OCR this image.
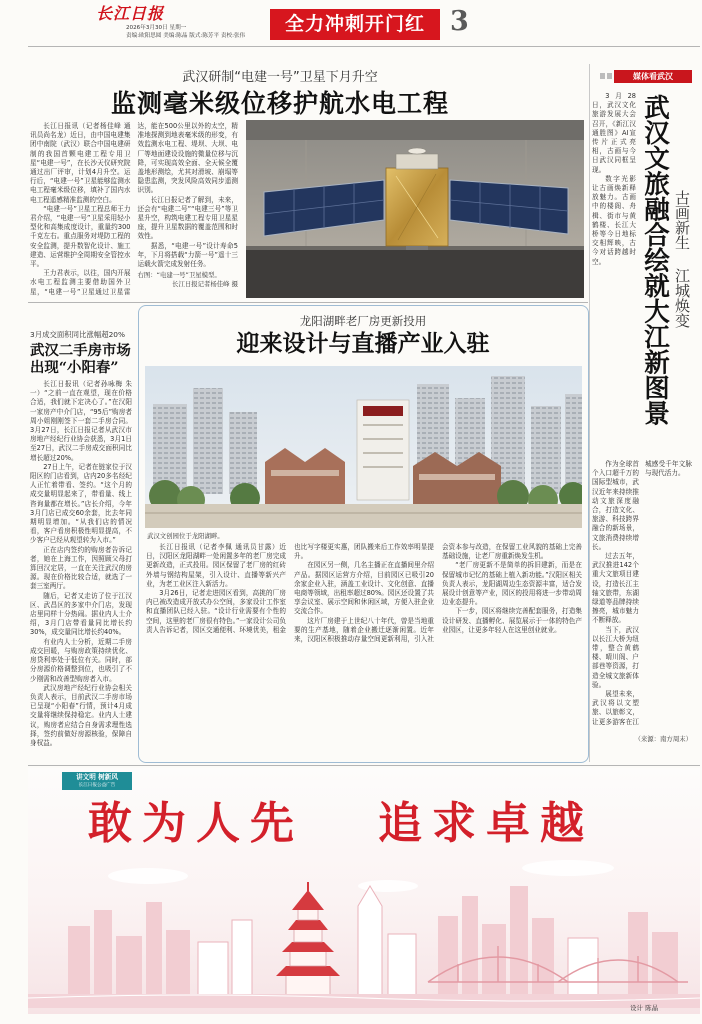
长江日报
2026年3月30日 星期一
责编:欧阳思圆 美编:陈晶 版式:陈芳平 责校:张伟
全力冲刺开门红 3
武汉研制“电建一号”卫星下月升空
监测毫米级位移护航水电工程

长江日报讯（记者杨佳峰 通讯员尚名龙）近日，由中国电建集团中南院（武汉）联合中国电建研制的我国首颗电建工程专用卫星“电建一号”，在长沙天仪研究院通过出厂评审，计划4月升空。运行后，“电建一号”卫星能够监测水电工程毫米级位移，填补了国内水电工程遥感精准监测的空白。

“电建一号”卫星工程总师王力君介绍，“电建一号”卫星采用轻小型化和高集成度设计，重量约300千克左右。重点服务对堤防工程的安全监测，提升数智化设计、施工建造、运营维护全周期安全管控水平。

王力君表示，以往，国内开展水电工程监测主要借助国外卫星，“电建一号”卫星通过卫星雷达，能在500公里以外的太空，精准地探测到地表毫米级的形变，有效监测水电工程、堤坝、大坝、电厂等地面建设设施的微量位移与沉降，可实现高效全面、全天候全覆盖地形测绘，尤其对滑坡、崩塌等隐患监测，突发风险高效同步遥测识别。

长江日报记者了解到，未来，还会有“电建二号”“电建三号”等卫星升空，构筑电建工程专用卫星星座，提升卫星数据的覆盖范围和时效性。

据悉，“电建一号”设计寿命5年，下月将搭载“力箭一号”遥十三运载火箭完成发射任务。

右图：“电建一号”卫星模型。
长江日报记者杨佳峰 摄
3月成交面积同比涨幅超20%
武汉二手房市场
出现“小阳春”

长江日报讯（记者孙咏梅 朱一）“之前一直在观望，现在价格合适，我们就下定决心了。”在汉阳一家房产中介门店，“95后”购房者周小姐刚刚签下一套二手房合同。3月27日，长江日报记者从武汉市房地产经纪行业协会获悉，3月1日至27日，武汉二手房成交面积同比增长超过20%。

27日上午，记者在链家位于汉阳区的门店看到，店内20多名经纪人正忙着带看、签约。“这个月的成交量明显起来了，带看量、线上咨询量都在增长。”店长介绍，今年3月门店已成交60余套，比去年同期明显增加。“从我们店的情况看，客户看房积极性明显提高，不少客户已经从观望转为入市。”

正在店内签约的购房者告诉记者，她在上海工作，因照顾父母打算回汉定居，一直在关注武汉的房源。现在价格比较合适，就选了一套三室两厅。

随后，记者又走访了位于江汉区、武昌区的多家中介门店，发现店里同样十分热闹。据业内人士介绍，3月门店带看量同比增长约30%，成交量同比增长约40%。

有业内人士分析，近期二手房成交回暖，与购房政策持续优化、房贷利率处于低位有关。同时，部分房源价格调整到位，也吸引了不少刚需和改善型购房者入市。

武汉房地产经纪行业协会相关负责人表示，目前武汉二手房市场已呈现“小阳春”行情，预计4月成交量将继续保持稳定。业内人士建议，购房者应结合自身需求理性选择，签约前做好房源核验，保障自身权益。

龙阳湖畔老厂房更新投用
迎来设计与直播产业入驻
武汉文创园位于龙阳湖畔。

长江日报讯（记者李佩 通讯员甘露）近日，汉阳区龙阳湖畔一处闲置多年的老厂房完成更新改造，正式投用。园区保留了老厂房的红砖外墙与钢结构屋架，引入设计、直播等新兴产业，为老工业区注入新活力。

3月26日，记者走进园区看到，高挑的厂房内已被改造成开放式办公空间，多家设计工作室和直播团队已经入驻。“设计行业需要有个性的空间，这里的老厂房很有特色。”一家设计公司负责人告诉记者，园区交通便利、环境优美，租金也比写字楼更实惠，团队搬来后工作效率明显提升。

在园区另一侧，几名主播正在直播间里介绍产品。据园区运营方介绍，目前园区已吸引20余家企业入驻，涵盖工业设计、文化创意、直播电商等领域，出租率超过80%。园区还设置了共享会议室、展示空间和休闲区域，方便入驻企业交流合作。

这片厂房建于上世纪八十年代，曾是当地重要的生产基地，随着企业搬迁逐渐闲置。近年来，汉阳区积极推动存量空间更新利用，引入社会资本参与改造，在保留工业风貌的基础上完善基础设施，让老厂房重新焕发生机。

“老厂房更新不是简单的拆旧建新，而是在保留城市记忆的基础上植入新功能。”汉阳区相关负责人表示，龙阳湖周边生态资源丰富，适合发展设计创意等产业，园区的投用将进一步带动周边业态提升。

下一步，园区将继续完善配套服务，打造集设计研发、直播孵化、展览展示于一体的特色产业园区，让更多年轻人在这里创业就业。

媒体看武汉

3月28日，武汉文化旅游发展大会召开，《新江汉通胜图》AI宣传片正式亮相，古画与今日武汉同框呈现。

数字光影让古画焕新释放魅力。古画中的楼阁、舟楫、街市与黄鹤楼、长江大桥等今日地标交相辉映，古今对话跨越时空。	武汉文旅融合绘就大江新图景 古画新生 江城焕变

作为全球首个入口超千万的国际型城市，武汉近年来持续推动文旅深度融合，打造文化、旅游、科技跨界融合的新场景，文旅消费持续增长。

过去五年，武汉推进142个重大文旅项目建设，打造长江主轴文旅带，东湖绿道等品牌持续擦亮，城市魅力不断释放。

当下，武汉以长江大桥为纽带，整合黄鹤楼、晴川阁、户部巷等资源，打造全城文旅新体验。

展望未来，武汉将以文塑旅、以旅彰文，让更多游客在江城感受千年文脉与现代活力。

（来源：南方周末）
讲文明 树新风
长江日报公益广告
敢为人先 追求卓越
设计 陈晶
